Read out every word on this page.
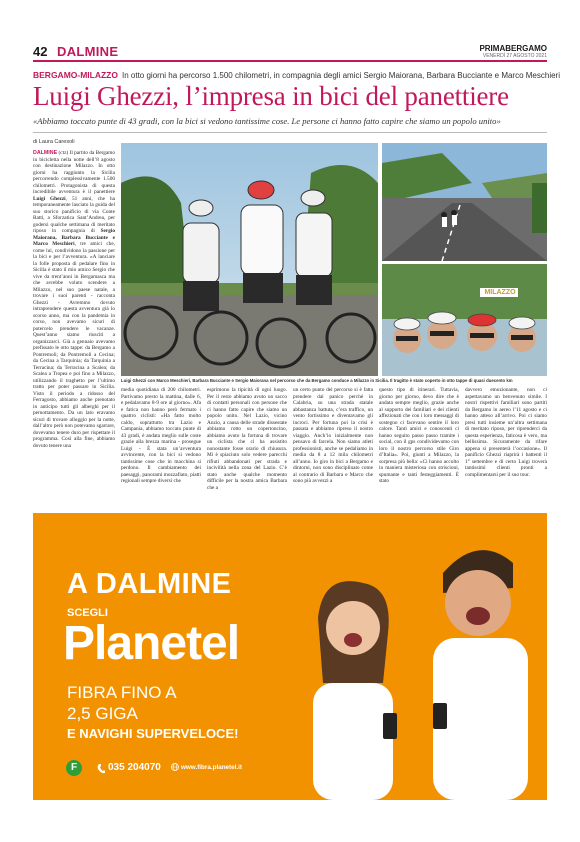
42 DALMINE	PRIMABERGAMO
VENERDÌ 27 AGOSTO 2021
BERGAMO-MILAZZO In otto giorni ha percorso 1.500 chilometri, in compagnia degli amici Sergio Maiorana, Barbara Bucciante e Marco Meschieri
Luigi Ghezzi, l’impresa in bici del panettiere
«Abbiamo toccato punte di 43 gradi, con la bici si vedono tantissime cose. Le persone ci hanno fatto capire che siamo un popolo unito»
di Laura Caresoli
DALMINE (ctz) Il partito da Bergamo in bicicletta nella notte dell’8 agosto con destinazione Milazzo. In otto giorni ha raggiunto la Sicilia percorrendo complessivamente 1.500 chilometri. Protagonista di questa incredibile avventura è il panettiere Luigi Ghezzi, 51 anni, che ha temporaneamente lasciato la guida del suo storico panificio di via Conte Ratti, a Sforzatica Sant’Andrea, per godersi qualche settimana di meritato riposo in compagnia di Sergio Maiorana, Barbara Bucciante e Marco Meschieri, tre amici che, come lui, condividono la passione per la bici e per l’avventura. «A lanciare la folle proposta di pedalare fino in Sicilia è stato il mio amico Sergio che vive da trent’anni in Bergamasca ma che avrebbe voluto scendere a Milazzo, nel suo paese natale, a trovare i suoi parenti - racconta Ghezzi - Avremmo dovuto intraprendere questa avventura già lo scorso anno, ma con la pandemia in corso, non avevamo sicuri di potercelo prendere le vacanze. Quest’anno siamo riusciti a organizzarci. Già a gennaio avevamo prefissato le otto tappe: da Bergamo a Pontremoli; da Pontremoli a Cecina; da Cecina a Tarquinia; da Tarquinia a Terracina; da Terracina a Scalea; da Scalea a Tropea e poi fino a Milazzo, utilizzando il traghetto per l’ultimo tratto per poter passare in Sicilia. Visto il periodo a ridosso del Ferragosto, abbiamo anche prenotato in anticipo tutti gli alberghi per il pernottamento. Da un lato eravamo sicuri di trovare alloggio per la notte, dall’altro però non potevamo sgarrare, dovevamo tenere duro per rispettare il programma. Così alla fine, abbiamo dovuto tenere una
MILAZZO
Luigi Ghezzi con Marco Meschieri, Barbara Bucciante e Sergio Maiorana nel percorso che da Bergamo conduce a Milazzo in Sicilia. Il tragitto è stato coperto in otto tappe di quasi duecento km
media quotidiana di 200 chilometri. Partivamo presto la mattina, dalle 6, e pedalavamo 8-9 ore al giorno». Afa e fatica non hanno però fermato i quattro ciclisti: «Ha fatto molto caldo, soprattutto tra Lazio e Campania, abbiamo toccato punte di 43 gradi, è andata meglio sulle coste grazie alla brezza marina - prosegue Luigi - È stata un’avventura avvincente, con la bici si vedono tantissime cose che in macchina si perdono. Il cambiamento dei paesaggi, panorami mozzafiato, piatti regionali sempre diversi che
esprimono la tipicità di ogni luogo. Per il resto abbiamo avuto un sacco di contatti personali con persone che ci hanno fatto capire che siamo un popolo unito. Nel Lazio, vicino Anzio, a causa delle strade dissestate abbiamo rotto un copertoncino, abbiamo avuto la fortuna di trovare un ciclista che ci ha assistito nonostante fosse orario di chiusura. Mi è spiaciuto solo vedere parecchi rifiuti abbandonati per strada e incivilità nella zona del Lazio. C’è stato anche qualche momento difficile per la nostra amica Barbara che a
un certo punto del percorso si è fatta prendere dal panico perché in Calabria, su una strada statale abbastanza battuta, c’era traffico, un vento fortissimo e diventavamo gli incroci. Per fortuna poi la crisi è passata e abbiamo ripreso il nostro viaggio. Anch’io inizialmente non pensavo di farcela. Non siamo atleti professionisti, anche se pedaliamo in media da 8 a 12 mila chilometri all’anno. Io giro in bici a Bergamo e dintorni, non sono disciplinato come al contrario di Barbara e Marco che sono più avvezzi a
questo tipo di itinerari. Tuttavia, giorno per giorno, devo dire che è andata sempre meglio, grazie anche al supporto dei familiari e dei clienti affezionati che con i loro messaggi di sostegno ci facevano sentire il loro calore. Tanti amici e conoscenti ci hanno seguito passo passo tramite i social, con il gps condividevamo con loro il nostro percorso stile Giro d’Italia». Poi, giunti a Milazzo, la sorpresa più bella: «Ci hanno accolto in maniera misteriosa con striscioni, spumante e tanti festeggiamenti. È stato
davvero emozionante, non ci aspettavamo un benvenuto simile. I nostri rispettivi familiari sono partiti da Bergamo in aereo l’11 agosto e ci hanno atteso all’arrivo. Poi ci siamo presi tutti insieme un’altra settimana di meritato riposo, per riprenderci da questa esperienza, faticosa è vero, ma bellissima. Sicuramente da rifare appena si presenterà l’occasione». Il panificio Ghezzi riaprirà i battenti il 1° settembre e di certo Luigi troverà tantissimi clienti pronti a complimentarsi per il suo tour.
A DALMINE
SCEGLI
Planetel
FIBRA FINO A
2,5 GIGA
E NAVIGHI SUPERVELOCE!
F	035 204070	www.fibra.planetel.it
